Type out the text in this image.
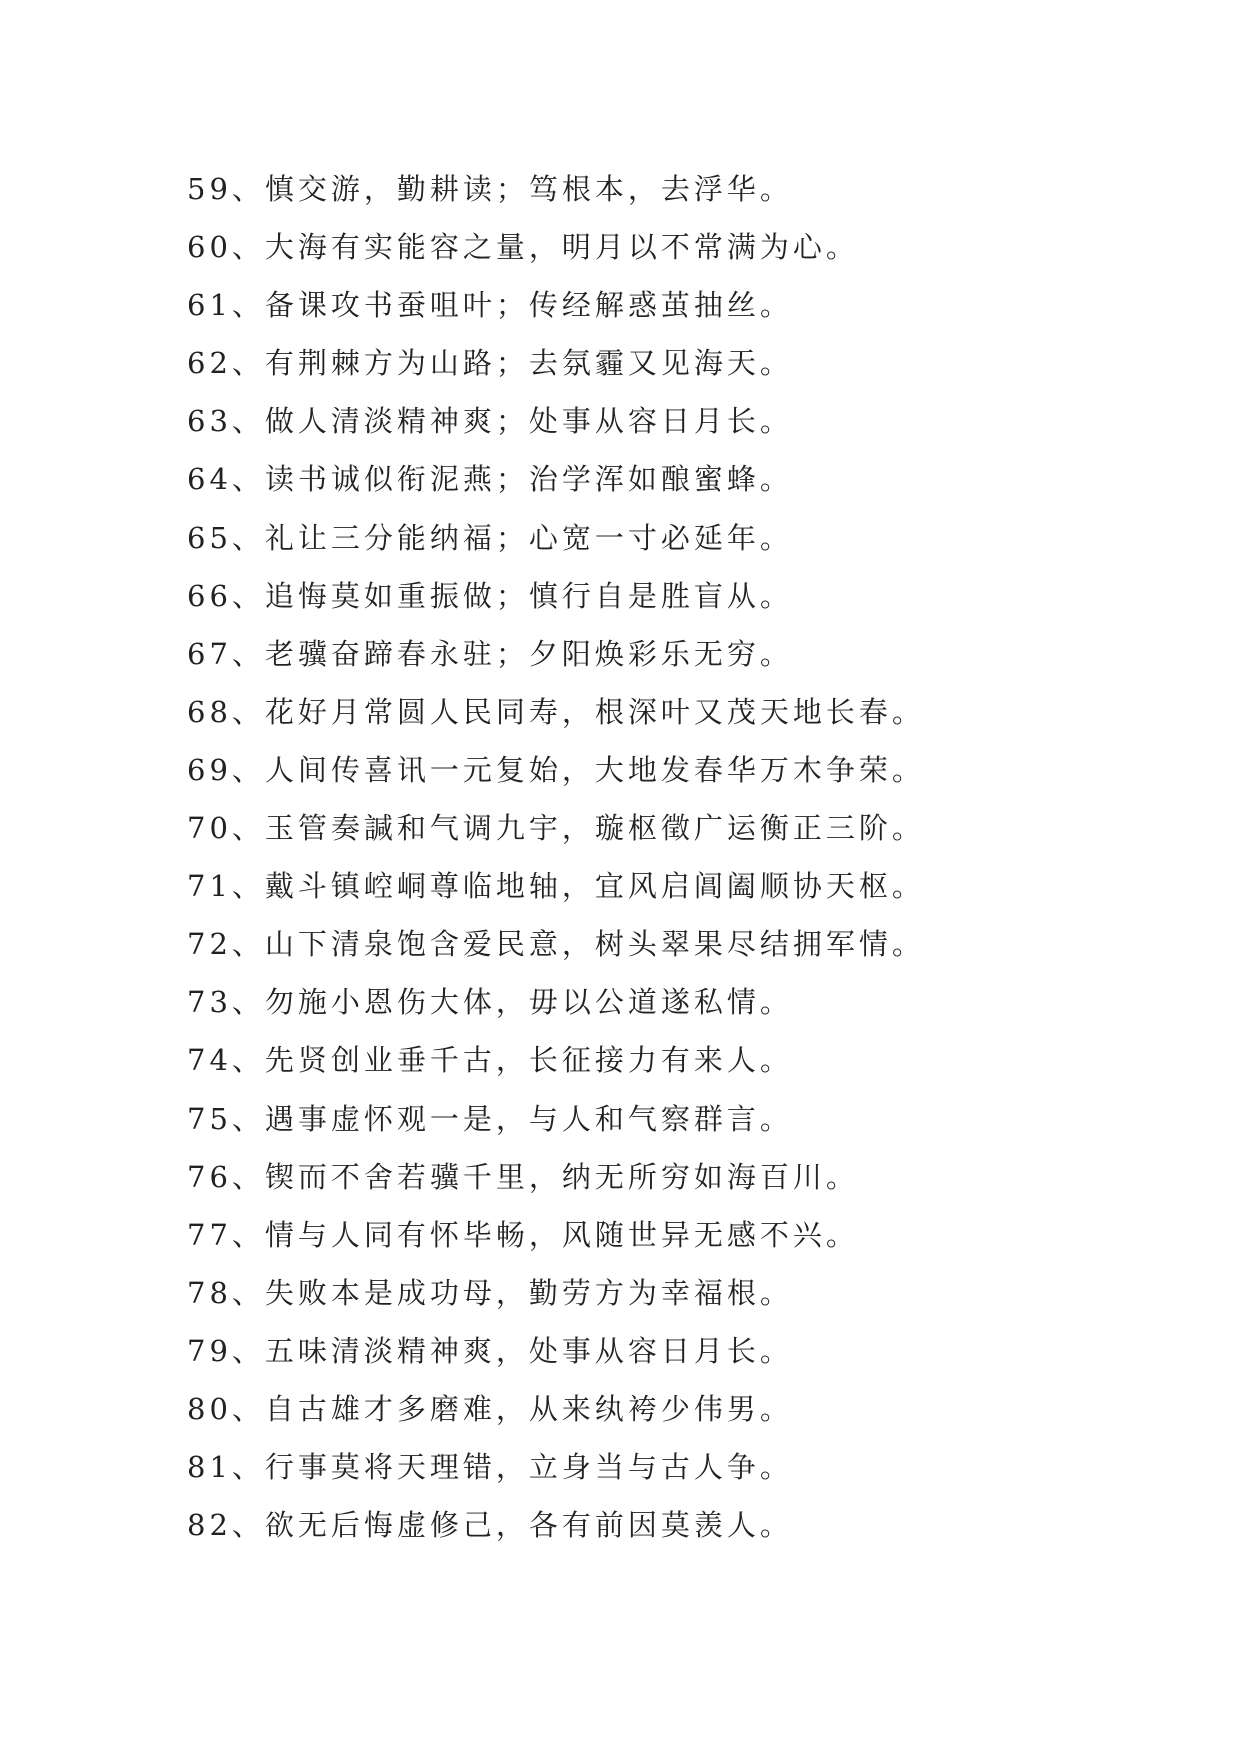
59、慎交游，勤耕读；笃根本，去浮华。
60、大海有实能容之量，明月以不常满为心。
61、备课攻书蚕咀叶；传经解惑茧抽丝。
62、有荆棘方为山路；去氛霾又见海天。
63、做人清淡精神爽；处事从容日月长。
64、读书诚似衔泥燕；治学浑如酿蜜蜂。
65、礼让三分能纳福；心宽一寸必延年。
66、追悔莫如重振做；慎行自是胜盲从。
67、老骥奋蹄春永驻；夕阳焕彩乐无穷。
68、花好月常圆人民同寿，根深叶又茂天地长春。
69、人间传喜讯一元复始，大地发春华万木争荣。
70、玉管奏諴和气调九宇，璇枢徵广运衡正三阶。
71、戴斗镇崆峒尊临地轴，宜风启阊阖顺协天枢。
72、山下清泉饱含爱民意，树头翠果尽结拥军情。
73、勿施小恩伤大体，毋以公道遂私情。
74、先贤创业垂千古，长征接力有来人。
75、遇事虚怀观一是，与人和气察群言。
76、锲而不舍若骥千里，纳无所穷如海百川。
77、情与人同有怀毕畅，风随世异无感不兴。
78、失败本是成功母，勤劳方为幸福根。
79、五味清淡精神爽，处事从容日月长。
80、自古雄才多磨难，从来纨袴少伟男。
81、行事莫将天理错，立身当与古人争。
82、欲无后悔虚修己，各有前因莫羡人。
